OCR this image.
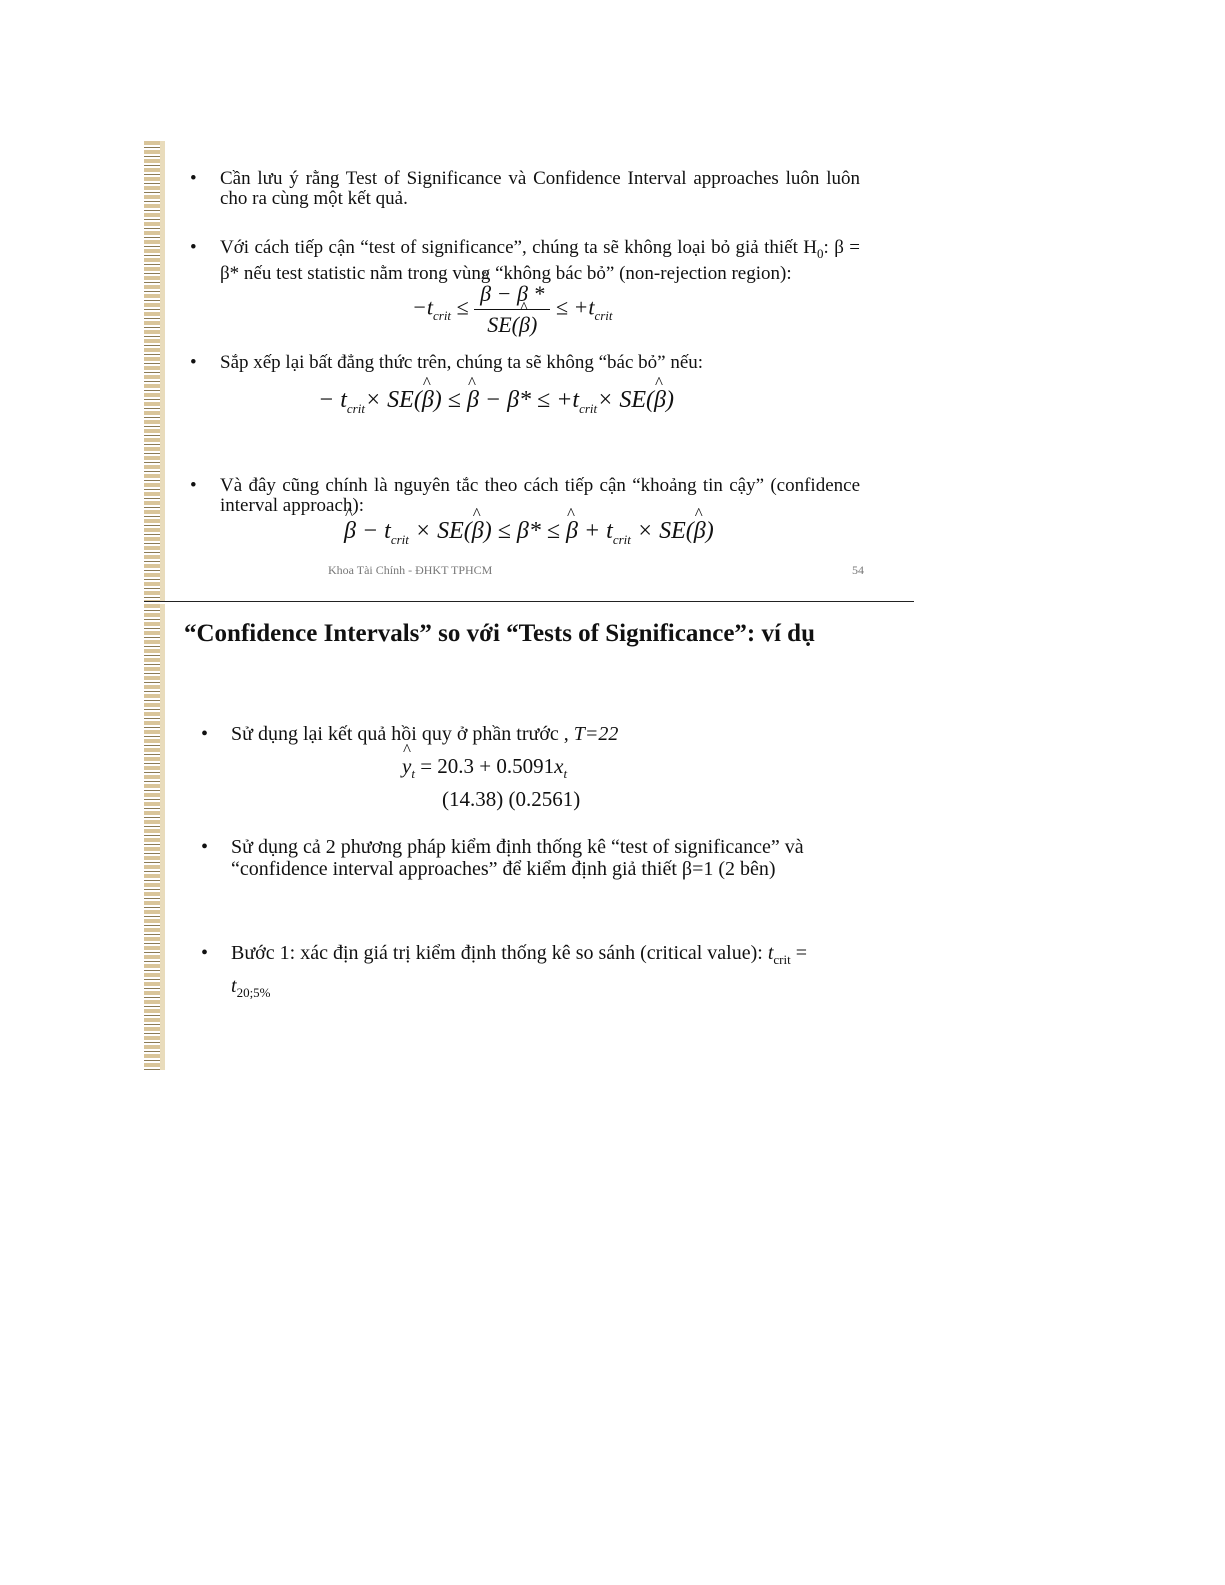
• Cần lưu ý rằng Test of Significance và Confidence Interval approaches luôn luôn cho ra cùng một kết quả.
• Với cách tiếp cận “test of significance”, chúng ta sẽ không loại bỏ giả thiết $H_0$: β = β* nếu test statistic nằm trong vùng “không bác bỏ” (non-rejection region):
$-t_{crit}$ ≤
^ $\frac{\beta - \beta *}{SE(\^{} \beta)} \le +t_{crit}$
• Sắp xếp lại bất đẳng thức trên, chúng ta sẽ không “bác bỏ” nếu:
− $t_{crit}\times$ SE(^ β) ≤ ^ $\beta - \beta* \le +t_{crit}\times$ SE(^ β)
• Và đây cũng chính là nguyên tắc theo cách tiếp cận “khoảng tin cậy” (confidence interval approach):
^ $\beta - t_{crit}$ × SE(^ β) ≤ β* ≤ ^ $\beta + t_{crit}$ × SE(^ β)
Khoa Tài Chính - ĐHKT TPHCM	54
“Confidence Intervals” so với “Tests of Significance”: ví dụ
• Sử dụng lại kết quả hồi quy ở phần trước , T=22
^ $y_t = 20.3 + 0.5091x_t$
(14.38) (0.2561)
• Sử dụng cả 2 phương pháp kiểm định thống kê “test of significance” và “confidence interval approaches” để kiểm định giả thiết β=1 (2 bên)
• Bước 1: xác địn giá trị kiểm định thống kê so sánh (critical value): $t_{crit} = t_{20;5\%}$
